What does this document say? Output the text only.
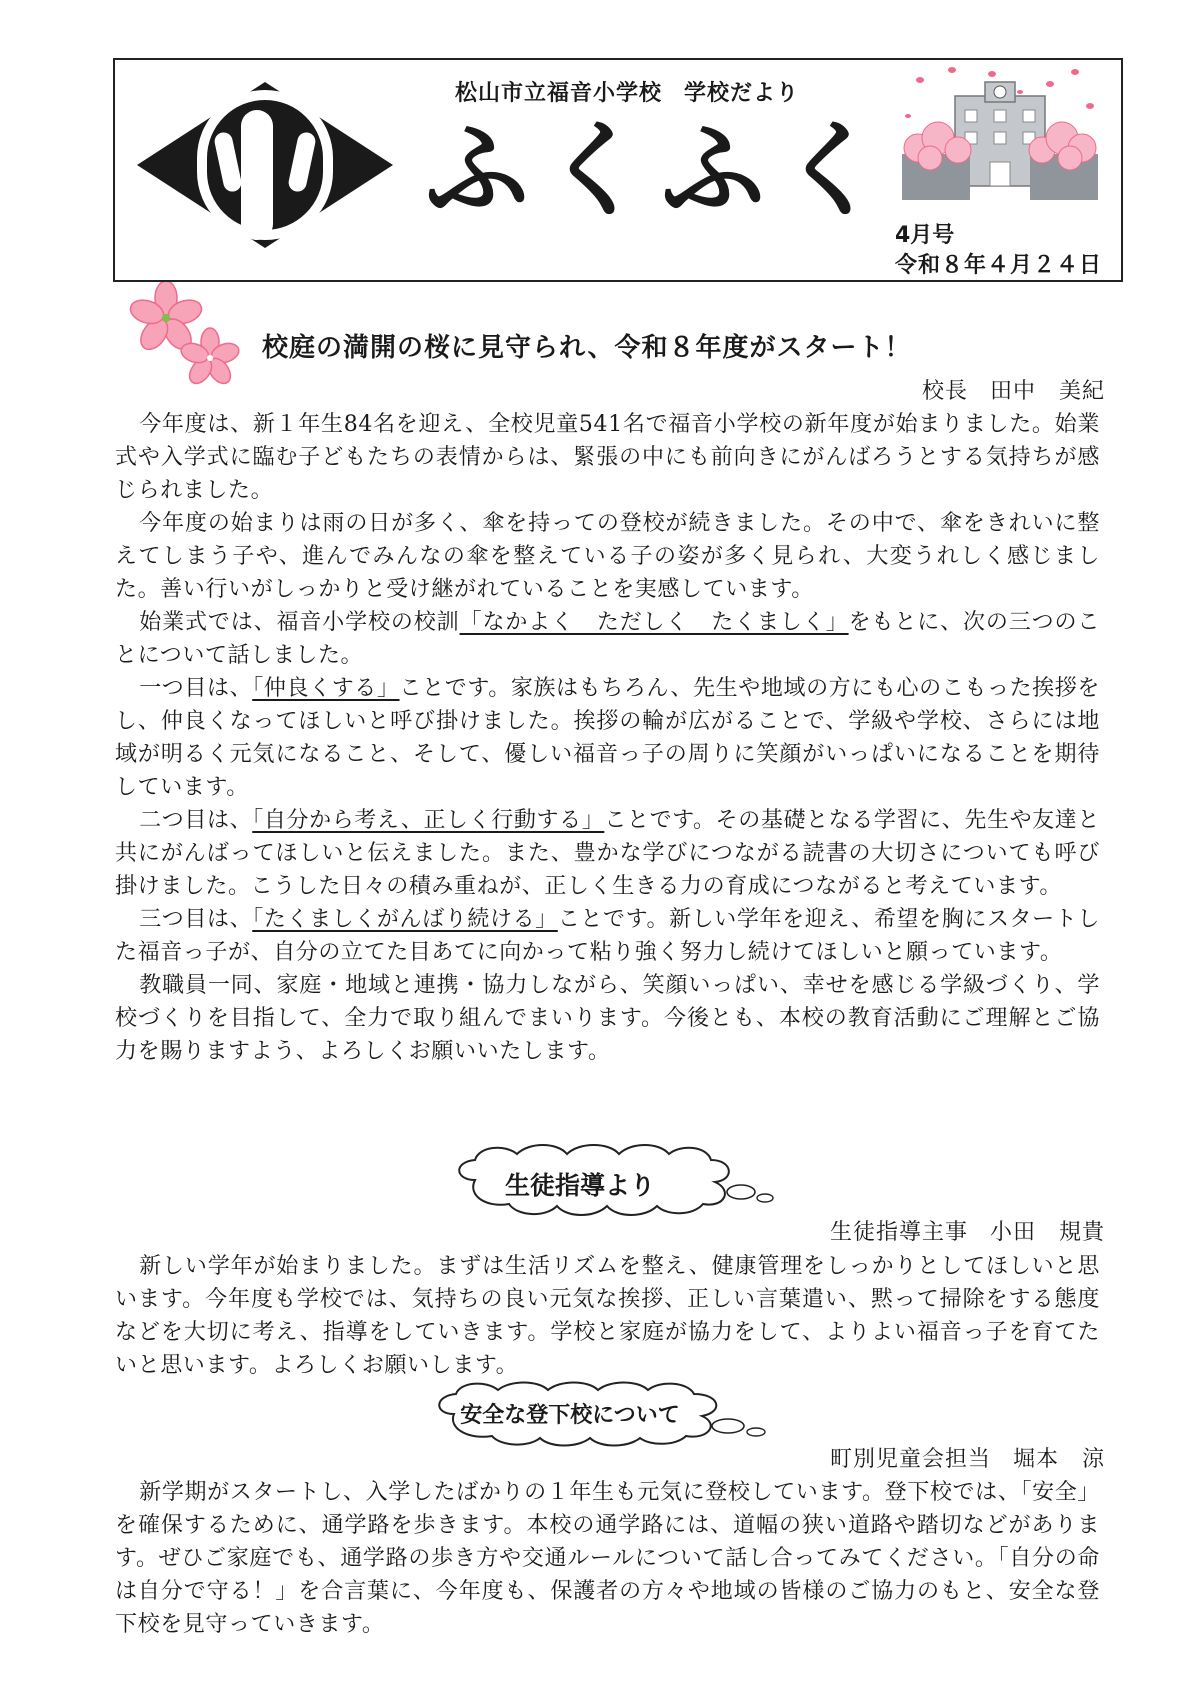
松山市立福音小学校 学校だより
ふくふく
4月号
令和８年４月２４日
校庭の満開の桜に見守られ、令和８年度がスタート！
校長 田中　美紀

今年度は、新１年生84名を迎え、全校児童541名で福音小学校の新年度が始まりました。始業式や入学式に臨む子どもたちの表情からは、緊張の中にも前向きにがんばろうとする気持ちが感じられました。

今年度の始まりは雨の日が多く、傘を持っての登校が続きました。その中で、傘をきれいに整えてしまう子や、進んでみんなの傘を整えている子の姿が多く見られ、大変うれしく感じました。善い行いがしっかりと受け継がれていることを実感しています。

始業式では、福音小学校の校訓「なかよく　ただしく　たくましく」をもとに、次の三つのことについて話しました。

一つ目は、「仲良くする」ことです。家族はもちろん、先生や地域の方にも心のこもった挨拶をし、仲良くなってほしいと呼び掛けました。挨拶の輪が広がることで、学級や学校、さらには地域が明るく元気になること、そして、優しい福音っ子の周りに笑顔がいっぱいになることを期待しています。

二つ目は、「自分から考え、正しく行動する」ことです。その基礎となる学習に、先生や友達と共にがんばってほしいと伝えました。また、豊かな学びにつながる読書の大切さについても呼び掛けました。こうした日々の積み重ねが、正しく生きる力の育成につながると考えています。

三つ目は、「たくましくがんばり続ける」ことです。新しい学年を迎え、希望を胸にスタートした福音っ子が、自分の立てた目あてに向かって粘り強く努力し続けてほしいと願っています。

教職員一同、家庭・地域と連携・協力しながら、笑顔いっぱい、幸せを感じる学級づくり、学校づくりを目指して、全力で取り組んでまいります。今後とも、本校の教育活動にご理解とご協力を賜りますよう、よろしくお願いいたします。

生徒指導より
生徒指導主事 小田　規貴

新しい学年が始まりました。まずは生活リズムを整え、健康管理をしっかりとしてほしいと思います。今年度も学校では、気持ちの良い元気な挨拶、正しい言葉遣い、黙って掃除をする態度などを大切に考え、指導をしていきます。学校と家庭が協力をして、よりよい福音っ子を育てたいと思います。よろしくお願いします。

安全な登下校について
町別児童会担当 堀本　涼

新学期がスタートし、入学したばかりの１年生も元気に登校しています。登下校では、「安全」を確保するために、通学路を歩きます。本校の通学路には、道幅の狭い道路や踏切などがあります。ぜひご家庭でも、通学路の歩き方や交通ルールについて話し合ってみてください。「自分の命は自分で守る！」を合言葉に、今年度も、保護者の方々や地域の皆様のご協力のもと、安全な登下校を見守っていきます。
